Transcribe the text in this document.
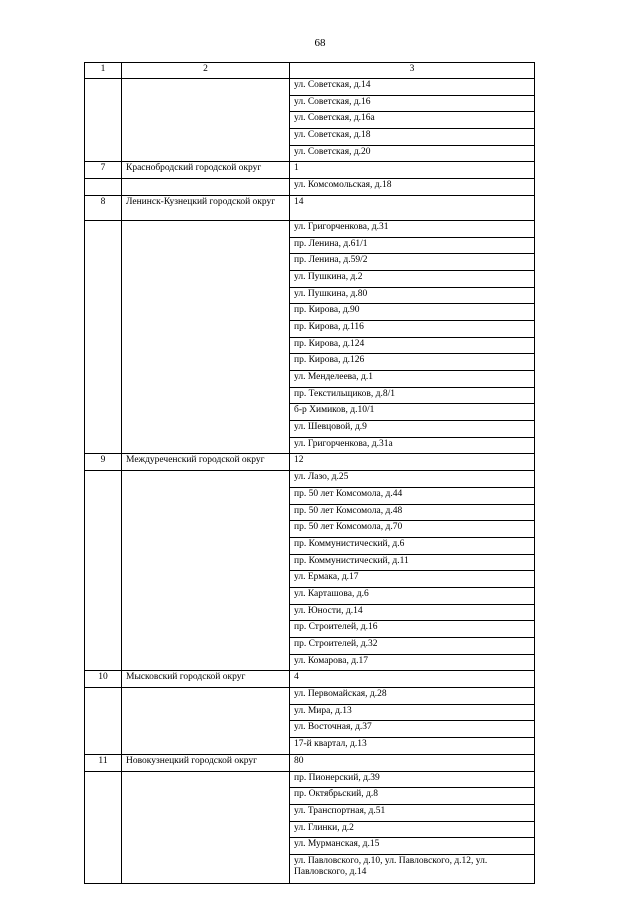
68
1	2	3
		ул. Советская, д.14
		ул. Советская, д.16
		ул. Советская, д.16а
		ул. Советская, д.18
		ул. Советская, д.20
7	Краснобродский городской округ	1
		ул. Комсомольская, д.18
8	Ленинск-Кузнецкий городской округ	14
		ул. Григорченкова, д.31
		пр. Ленина, д.61/1
		пр. Ленина, д.59/2
		ул. Пушкина, д.2
		ул. Пушкина, д.80
		пр. Кирова, д.90
		пр. Кирова, д.116
		пр. Кирова, д.124
		пр. Кирова, д.126
		ул. Менделеева, д.1
		пр. Текстильщиков, д.8/1
		б-р Химиков, д.10/1
		ул. Шевцовой, д.9
		ул. Григорченкова, д.31а
9	Междуреченский городской округ	12
		ул. Лазо, д.25
		пр. 50 лет Комсомола, д.44
		пр. 50 лет Комсомола, д.48
		пр. 50 лет Комсомола, д.70
		пр. Коммунистический, д.6
		пр. Коммунистический, д.11
		ул. Ермака, д.17
		ул. Карташова, д.6
		ул. Юности, д.14
		пр. Строителей, д.16
		пр. Строителей, д.32
		ул. Комарова, д.17
10	Мысковский городской округ	4
		ул. Первомайская, д.28
		ул. Мира, д.13
		ул. Восточная, д.37
		17-й квартал, д.13
11	Новокузнецкий городской округ	80
		пр. Пионерский, д.39
		пр. Октябрьский, д.8
		ул. Транспортная, д.51
		ул. Глинки, д.2
		ул. Мурманская, д.15
		ул. Павловского, д.10, ул. Павловского, д.12, ул. Павловского, д.14
